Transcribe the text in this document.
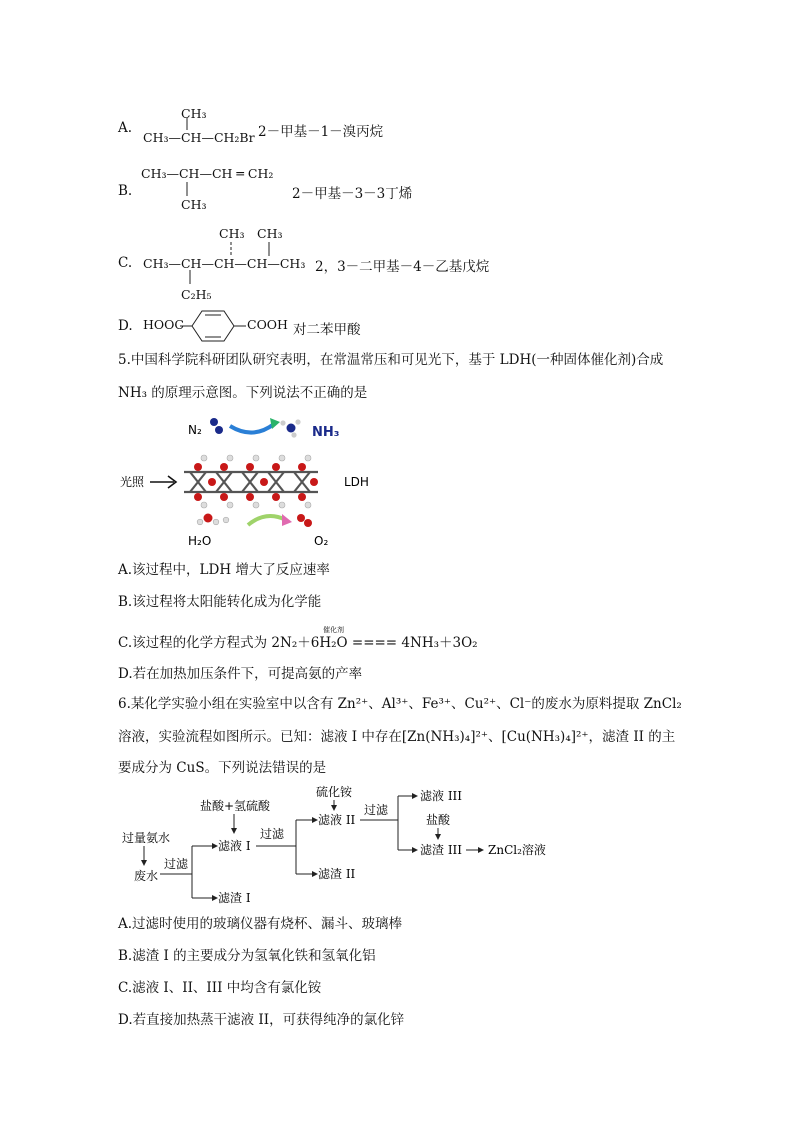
A.
CH₃
CH₃—CH—CH₂Br 2－甲基－1－溴丙烷
B.
CH₃—CH—CH ═ CH₂
CH₃
2－甲基－3－3丁烯
C.
CH₃ CH₃
CH₃—CH—CH—CH—CH₃
C₂H₅
2，3－二甲基－4－乙基戊烷
D. HOOC	COOH 对二苯甲酸
5.中国科学院科研团队研究表明，在常温常压和可见光下，基于 LDH(一种固体催化剂)合成
NH₃ 的原理示意图。下列说法不正确的是
N₂	NH₃
光照	LDH
H₂O	O₂
A.该过程中，LDH 增大了反应速率
B.该过程将太阳能转化成为化学能
催化剂
C.该过程的化学方程式为 2N₂＋6H₂O ==== 4NH₃＋3O₂
D.若在加热加压条件下，可提高氨的产率
6.某化学实验小组在实验室中以含有 Zn²⁺、Al³⁺、Fe³⁺、Cu²⁺、Cl⁻的废水为原料提取 ZnCl₂
溶液，实验流程如图所示。已知：滤液 I 中存在[Zn(NH₃)₄]²⁺、[Cu(NH₃)₄]²⁺，滤渣 II 的主
要成分为 CuS。下列说法错误的是
过量氨水
废水
过滤
盐酸+氢硫酸
滤液 I
滤渣 I
过滤
硫化铵
滤液 II
滤渣 II
过滤
滤液 III
盐酸
滤渣 III ZnCl₂溶液
A.过滤时使用的玻璃仪器有烧杯、漏斗、玻璃棒
B.滤渣 I 的主要成分为氢氧化铁和氢氧化铝
C.滤液 I、II、III 中均含有氯化铵
D.若直接加热蒸干滤液 II，可获得纯净的氯化锌
